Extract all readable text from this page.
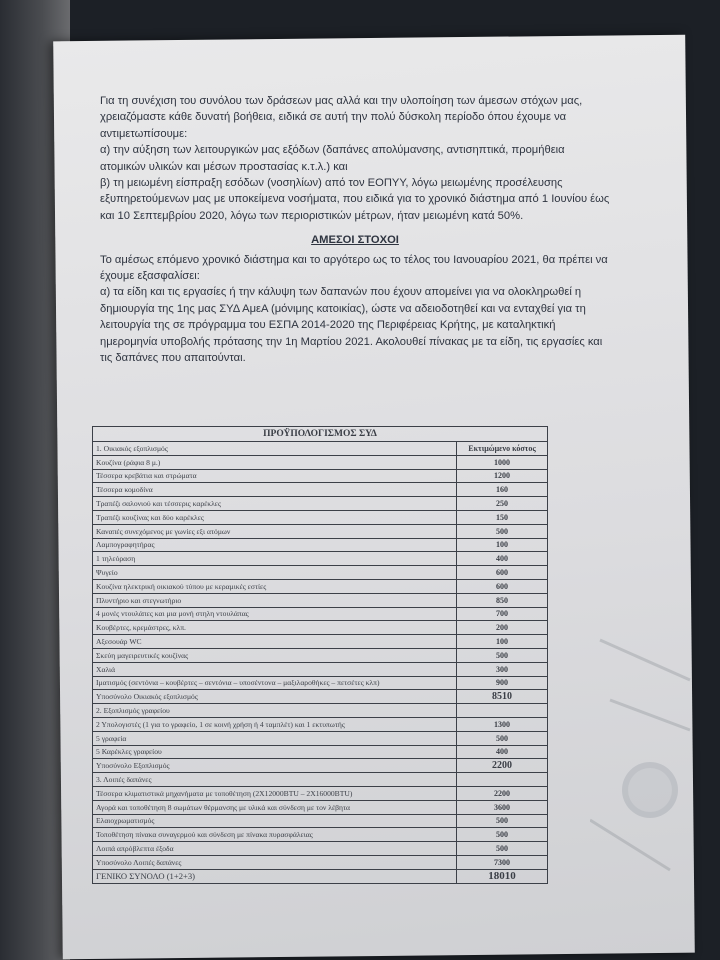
Για τη συνέχιση του συνόλου των δράσεων μας αλλά και την υλοποίηση των άμεσων στόχων μας, χρειαζόμαστε κάθε δυνατή βοήθεια, ειδικά σε αυτή την πολύ δύσκολη περίοδο όπου έχουμε να αντιμετωπίσουμε:

α) την αύξηση των λειτουργικών μας εξόδων (δαπάνες απολύμανσης, αντισηπτικά, προμήθεια ατομικών υλικών και μέσων προστασίας κ.τ.λ.) και

β) τη μειωμένη είσπραξη εσόδων (νοσηλίων) από τον ΕΟΠΥΥ, λόγω μειωμένης προσέλευσης εξυπηρετούμενων μας με υποκείμενα νοσήματα, που ειδικά για το χρονικό διάστημα από 1 Ιουνίου έως και 10 Σεπτεμβρίου 2020, λόγω των περιοριστικών μέτρων, ήταν μειωμένη κατά 50%.

ΑΜΕΣΟΙ ΣΤΟΧΟΙ

Το αμέσως επόμενο χρονικό διάστημα και το αργότερο ως το τέλος του Ιανουαρίου 2021, θα πρέπει να έχουμε εξασφαλίσει:

α) τα είδη και τις εργασίες ή την κάλυψη των δαπανών που έχουν απομείνει για να ολοκληρωθεί η δημιουργία της 1ης μας ΣΥΔ ΑμεΑ (μόνιμης κατοικίας), ώστε να αδειοδοτηθεί και να ενταχθεί για τη λειτουργία της σε πρόγραμμα του ΕΣΠΑ 2014-2020 της Περιφέρειας Κρήτης, με καταληκτική ημερομηνία υποβολής πρότασης την 1η Μαρτίου 2021. Ακολουθεί πίνακας με τα είδη, τις εργασίες και τις δαπάνες που απαιτούνται.

ΠΡΟΫΠΟΛΟΓΙΣΜΟΣ ΣΥΔ	
1. Οικιακός εξοπλισμός	Εκτιμώμενο κόστος
Κουζίνα (ράφια 8 μ.)	1000
Τέσσερα κρεβάτια και στρώματα	1200
Τέσσερα κομοδίνα	160
Τραπέζι σαλονιού και τέσσερις καρέκλες	250
Τραπέζι κουζίνας και δύο καρέκλες	150
Καναπές συνεχόμενος με γωνίες εξι ατόμων	500
Λαμπογραφητήρας	100
1 τηλεόραση	400
Ψυγείο	600
Κουζίνα ηλεκτρική οικιακού τύπου με κεραμικές εστίες	600
Πλυντήριο και στεγνωτήριο	850
4 μονές ντουλάπες και μια μονή στηλη ντουλάπας	700
Κουβέρτες, κρεμάστρες, κλπ.	200
Αξεσουάρ WC	100
Σκεύη μαγειρευτικές κουζίνας	500
Χαλιά	300
Ιματισμός (σεντόνια – κουβέρτες – σεντόνια – υποσέντονα – μαξιλαροθήκες – πετσέτες κλπ)	900
Υποσύνολο Οικιακός εξοπλισμός	8510
2. Εξοπλισμός γραφείου	
2 Υπολογιστές (1 για το γραφείο, 1 σε κοινή χρήση ή 4 ταμπλέτ) και 1 εκτυπωτής	1300
5 γραφεία	500
5 Καρέκλες γραφείου	400
Υποσύνολο Εξοπλισμός	2200
3. Λοιπές δαπάνες	
Τέσσερα κλιματιστικά μηχανήματα με τοποθέτηση (2Χ12000BTU – 2Χ16000BTU)	2200
Αγορά και τοποθέτηση 8 σωμάτων θέρμανσης με υλικά και σύνδεση με τον λέβητα	3600
Ελαιοχρωματισμός	500
Τοποθέτηση πίνακα συναγερμού και σύνδεση με πίνακα πυρασφάλειας	500
Λοιπά απρόβλεπτα έξοδα	500
Υποσύνολο Λοιπές δαπάνες	7300
ΓΕΝΙΚΟ ΣΥΝΟΛΟ (1+2+3)	18010
